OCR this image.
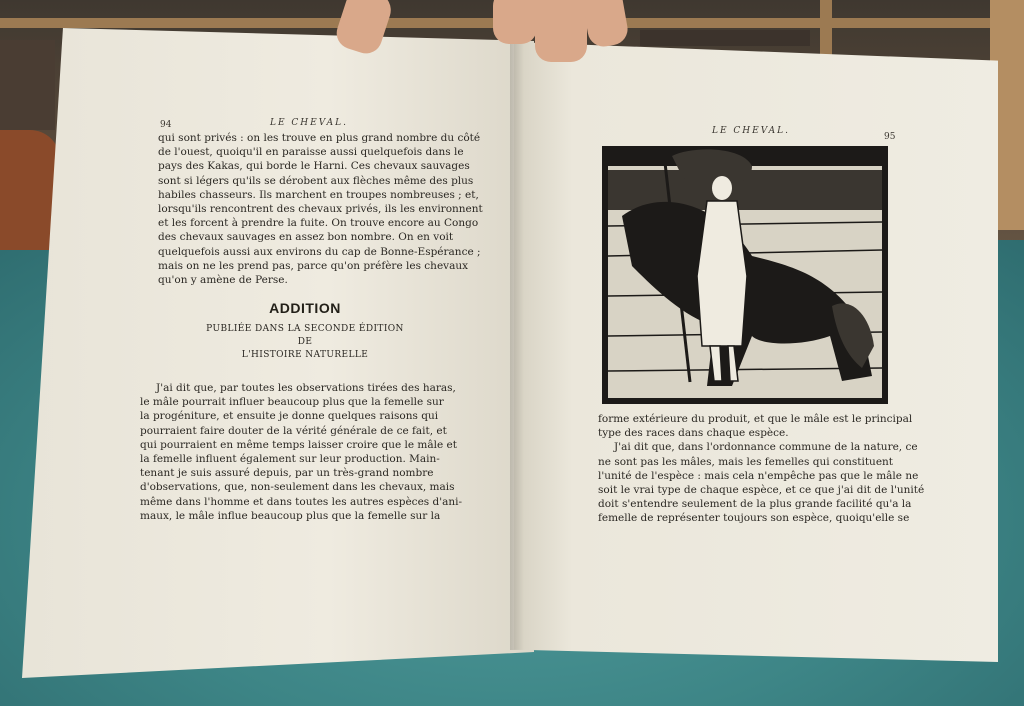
94	LE CHEVAL.
qui sont privés : on les trouve en plus grand nombre du côté
de l'ouest, quoiqu'il en paraisse aussi quelquefois dans le
pays des Kakas, qui borde le Harni. Ces chevaux sauvages
sont si légers qu'ils se dérobent aux flèches même des plus
habiles chasseurs. Ils marchent en troupes nombreuses ; et,
lorsqu'ils rencontrent des chevaux privés, ils les environnent
et les forcent à prendre la fuite. On trouve encore au Congo
des chevaux sauvages en assez bon nombre. On en voit
quelquefois aussi aux environs du cap de Bonne-Espérance ;
mais on ne les prend pas, parce qu'on préfère les chevaux
qu'on y amène de Perse.
ADDITION
PUBLIÉE DANS LA SECONDE ÉDITION
DE
L'HISTOIRE NATURELLE
J'ai dit que, par toutes les observations tirées des haras,
le mâle pourrait influer beaucoup plus que la femelle sur
la progéniture, et ensuite je donne quelques raisons qui
pourraient faire douter de la vérité générale de ce fait, et
qui pourraient en même temps laisser croire que le mâle et
la femelle influent également sur leur production. Main-
tenant je suis assuré depuis, par un très-grand nombre
d'observations, que, non-seulement dans les chevaux, mais
même dans l'homme et dans toutes les autres espèces d'ani-
maux, le mâle influe beaucoup plus que la femelle sur la
LE CHEVAL.
95
forme extérieure du produit, et que le mâle est le principal
type des races dans chaque espèce.
J'ai dit que, dans l'ordonnance commune de la nature, ce
ne sont pas les mâles, mais les femelles qui constituent
l'unité de l'espèce : mais cela n'empêche pas que le mâle ne
soit le vrai type de chaque espèce, et ce que j'ai dit de l'unité
doit s'entendre seulement de la plus grande facilité qu'a la
femelle de représenter toujours son espèce, quoiqu'elle se
